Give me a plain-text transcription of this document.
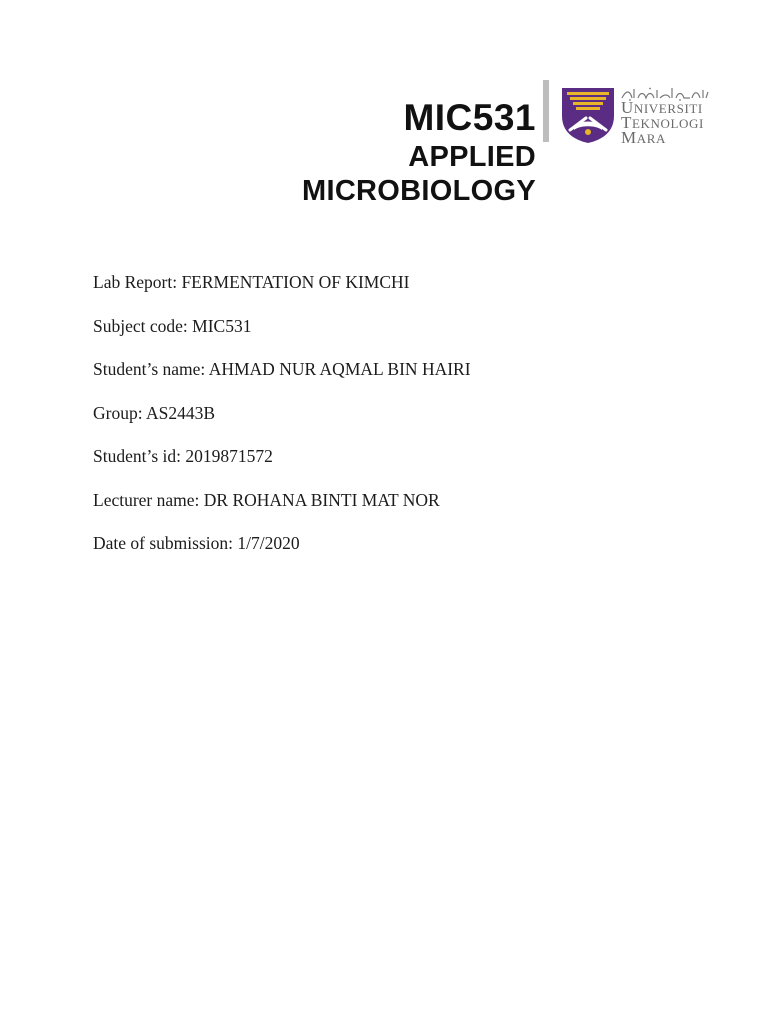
MIC531
APPLIED
MICROBIOLOGY
UNIVERSITI
TEKNOLOGI
MARA
Lab Report: FERMENTATION OF KIMCHI
Subject code: MIC531
Student’s name: AHMAD NUR AQMAL BIN HAIRI
Group: AS2443B
Student’s id: 2019871572
Lecturer name: DR ROHANA BINTI MAT NOR
Date of submission: 1/7/2020
